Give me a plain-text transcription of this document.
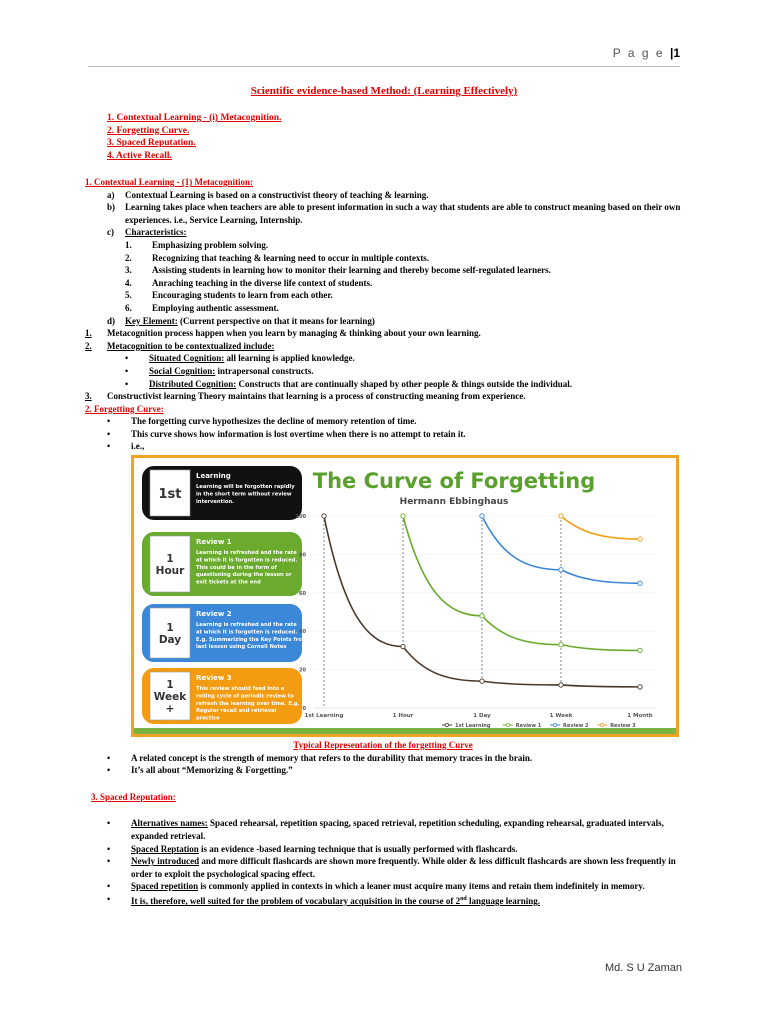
P a g e |1
Scientific evidence-based Method: (Learning Effectively)
1. Contextual Learning - (i) Metacognition.
2. Forgetting Curve.
3. Spaced Reputation.
4. Active Recall.
1. Contextual Learning - (1) Metacognition:
a)	Contextual Learning is based on a constructivist theory of teaching & learning.
b)	Learning takes place when teachers are able to present information in such a way that students are able to construct meaning based on their own experiences. i.e., Service Learning, Internship.
c)	Characteristics:
1.	Emphasizing problem solving.
2.	Recognizing that teaching & learning need to occur in multiple contexts.
3.	Assisting students in learning how to monitor their learning and thereby become self-regulated learners.
4.	Anraching teaching in the diverse life context of students.
5.	Encouraging students to learn from each other.
6.	Employing authentic assessment.
d)	Key Element: (Current perspective on that it means for learning)
1.	Metacognition process happen when you learn by managing & thinking about your own learning.
2.	Metacognition to be contextualized include:
•	Situated Cognition: all learning is applied knowledge.
•	Social Cognition: intrapersonal constructs.
•	Distributed Cognition: Constructs that are continually shaped by other people & things outside the individual.
3.	Constructivist learning Theory maintains that learning is a process of constructing meaning from experience.
2. Forgetting Curve:
•	The forgetting curve hypothesizes the decline of memory retention of time.
•	This curve shows how information is lost overtime when there is no attempt to retain it.
•	i.e.,
1st
Learning
Learning will be forgotten rapidly
in the short term without review
intervention.
1
Hour
Review 1
Learning is refreshed and the rate
at which it is forgotten is reduced.
This could be in the form of
questioning during the lesson or
exit tickets at the end
1
Day
Review 2
Learning is refreshed and the rate
at which it is forgotten is reduced.
E.g. Summarizing the Key Points from
last lesson using Cornell Notes
1
Week
+
Review 3
This review should feed into a
rolling cycle of periodic review to
refresh the learning over time. E.g.
Regular recall and retrieval
practice
The Curve of Forgetting
Hermann Ebbinghaus
0
20
40
60
80
100
1st Learning	1 Hour	1 Day	1 Week	1 Month
1st Learning	Review 1	Review 2	Review 3
Typical Representation of the forgetting Curve
•	A related concept is the strength of memory that refers to the durability that memory traces in the brain.
•	It’s all about “Memorizing & Forgetting.”
3. Spaced Reputation:
•	Alternatives names: Spaced rehearsal, repetition spacing, spaced retrieval, repetition scheduling, expanding rehearsal, graduated intervals, expanded retrieval.
•	Spaced Reptation is an evidence -based learning technique that is usually performed with flashcards.
•	Newly introduced and more difficult flashcards are shown more frequently. While older & less difficult flashcards are shown less frequently in order to exploit the psychological spacing effect.
•	Spaced repetition is commonly applied in contexts in which a leaner must acquire many items and retain them indefinitely in memory.
•	It is, therefore, well suited for the problem of vocabulary acquisition in the course of 2nd language learning.
Md. S U Zaman
